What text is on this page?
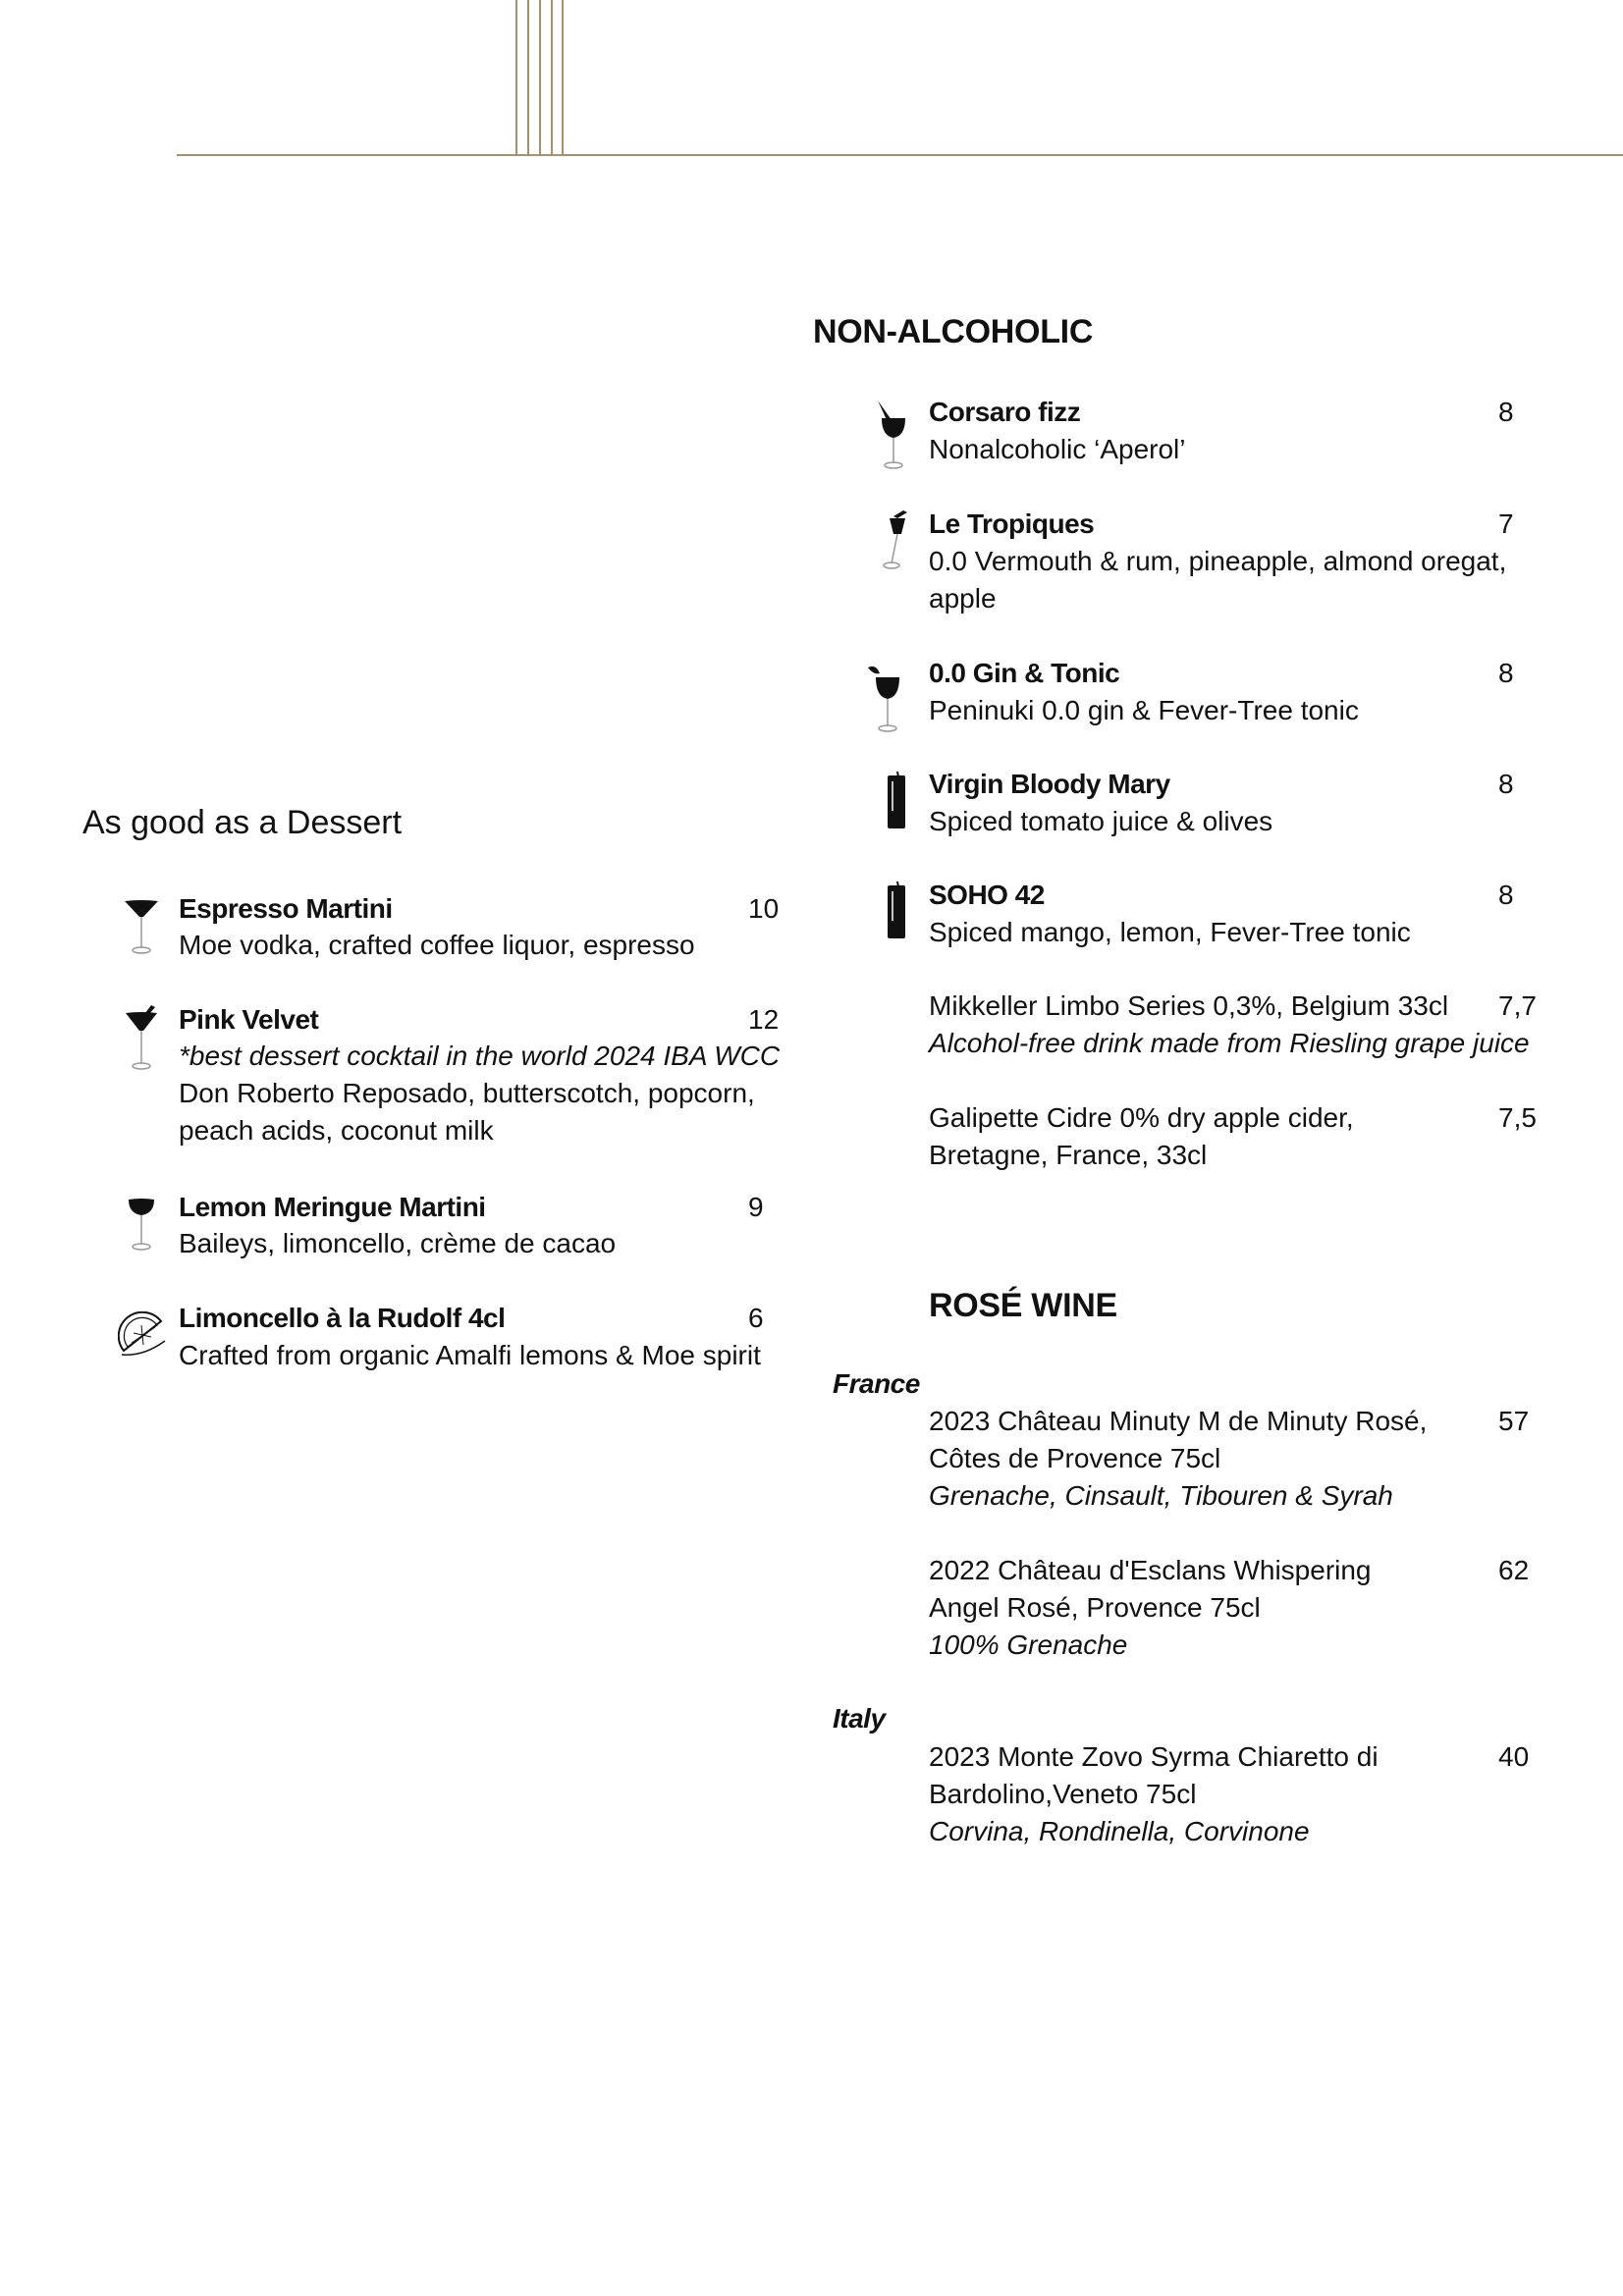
As good as a Dessert
Espresso Martini	10
Moe vodka, crafted coffee liquor, espresso
Pink Velvet	12
*best dessert cocktail in the world 2024 IBA WCC
Don Roberto Reposado, butterscotch, popcorn,
peach acids, coconut milk
Lemon Meringue Martini	9
Baileys, limoncello, crème de cacao
Limoncello à la Rudolf 4cl	6
Crafted from organic Amalfi lemons & Moe spirit
NON-ALCOHOLIC
Corsaro fizz	8
Nonalcoholic ‘Aperol’
Le Tropiques	7
0.0 Vermouth & rum, pineapple, almond oregat,
apple
0.0 Gin & Tonic	8
Peninuki 0.0 gin & Fever-Tree tonic
Virgin Bloody Mary	8
Spiced tomato juice & olives
SOHO 42	8
Spiced mango, lemon, Fever-Tree tonic
Mikkeller Limbo Series 0,3%, Belgium 33cl 7,7
Alcohol-free drink made from Riesling grape juice
Galipette Cidre 0% dry apple cider,	7,5
Bretagne, France, 33cl
ROSÉ WINE
France
2023 Château Minuty M de Minuty Rosé,	57
Côtes de Provence 75cl
Grenache, Cinsault, Tibouren & Syrah
2022 Château d'Esclans Whispering	62
Angel Rosé, Provence 75cl
100% Grenache
Italy
2023 Monte Zovo Syrma Chiaretto di	40
Bardolino,Veneto 75cl
Corvina, Rondinella, Corvinone
